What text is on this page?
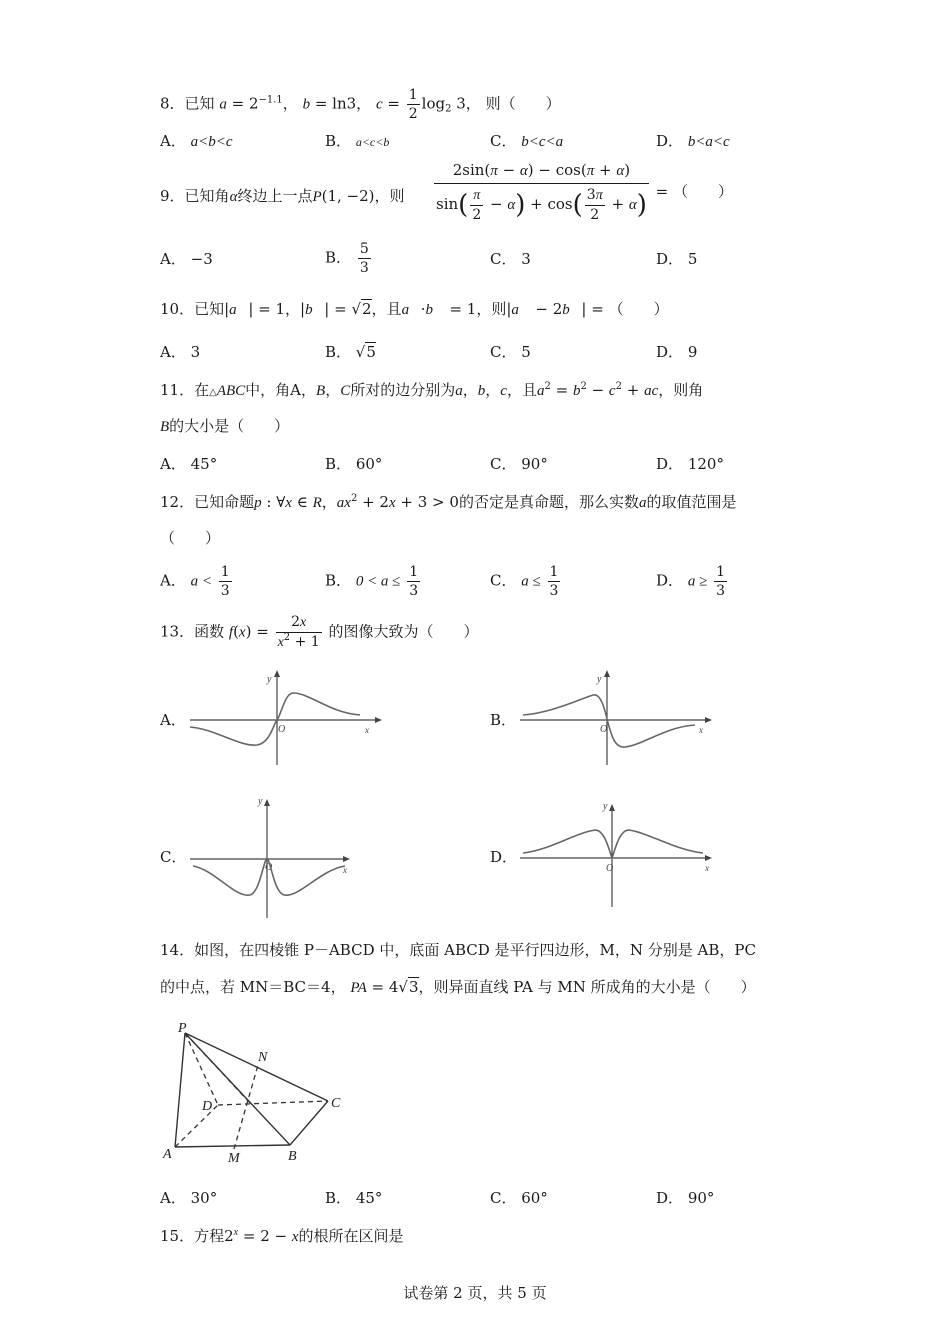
8．已知 $a = 2^{-1.1}$， b = ln3， $c = \frac{1}{2} \log_2 3$， 则（　　）
A． a<b<c	B． a<c<b	C． b<c<a	D． b<a<c
9．已知角α终边上一点P(1, −2)，则 $\frac{2\sin(\pi - \alpha) - \cos(\pi + \alpha)}{\sin( \frac{\pi}{2} - \alpha) + \cos( \frac{3\pi}{2} + \alpha)}$ = （　　）
A． −3	B． $\frac{5}{3}$	C． 3	D． 5
10．已知|a⃗| = 1，|b⃗| = √2，且a⃗·b⃗ = 1，则|a⃗ − 2b⃗| = （　　）
A． 3	B． √5	C． 5	D． 9
11．在△ABC中，角A，B，C所对的边分别为a，b，c，且$a^2 = b^2 - c^2$ + ac，则角
B的大小是（　　）
A． 45°	B． 60°	C． 90°	D． 120°
12．已知命题p : ∀x ∈ R，$ax^2 + 2x + 3 > 0$的否定是真命题，那么实数a的取值范围是
（　　）
A． $a < \frac{1}{3}$	B． $0 < a \le \frac{1}{3}$	C． $a \le \frac{1}{3}$	D． $a \ge \frac{1}{3}$
13．函数 $f(x) = \frac{2x}{x^2 + 1}$ 的图像大致为（　　）
A．	B．
C．	D．
y
x
O
y
x
O
y
x
O
y
x
O
14．如图，在四棱锥 P－ABCD 中，底面 ABCD 是平行四边形，M，N 分别是 AB，PC
的中点，若 MN＝BC＝4， PA = 4√3，则异面直线 PA 与 MN 所成角的大小是（　　）
P
N
D	C
A	M	B
A． 30°	B． 45°	C． 60°	D． 90°
15．方程$2^x = 2 - x$的根所在区间是
试卷第 2 页，共 5 页
